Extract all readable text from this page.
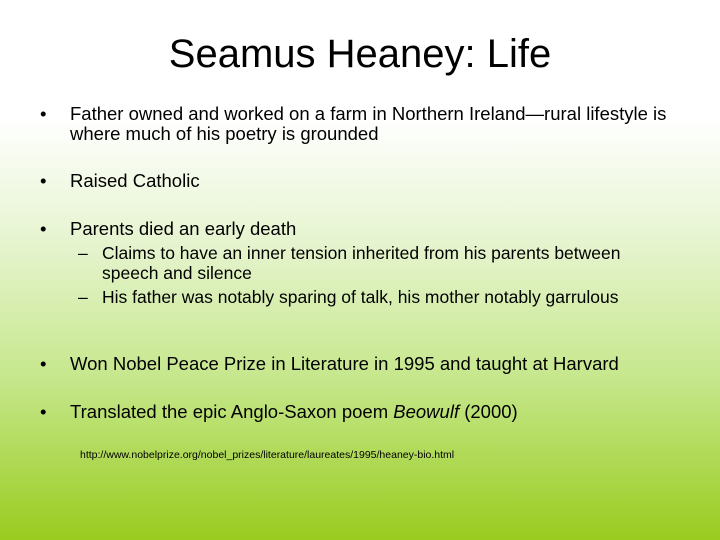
Seamus Heaney: Life
• Father owned and worked on a farm in Northern Ireland—rural lifestyle is where much of his poetry is grounded
• Raised Catholic
• Parents died an early death
– Claims to have an inner tension inherited from his parents between speech and silence
– His father was notably sparing of talk, his mother notably garrulous
• Won Nobel Peace Prize in Literature in 1995 and taught at Harvard
• Translated the epic Anglo-Saxon poem Beowulf (2000)
http://www.nobelprize.org/nobel_prizes/literature/laureates/1995/heaney-bio.html
